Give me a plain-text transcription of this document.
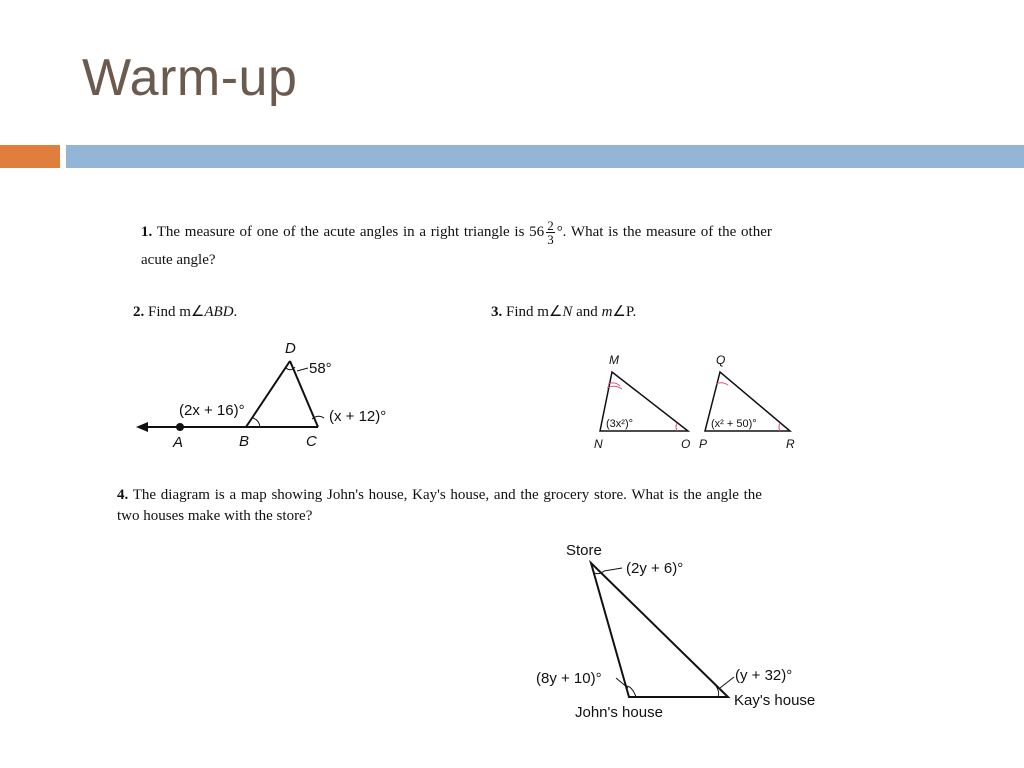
Warm-up
1. The measure of one of the acute angles in a right triangle is $56 \frac{2}{3}$ °. What is the measure of the other
acute angle?
2. Find m∠ABD.	3. Find m∠N and m∠P.
4. The diagram is a map showing John's house, Kay's house, and the grocery store. What is the angle the
two houses make with the store?
D
A	B	C
58°
(2x + 16)°	(x + 12)°
M
N	O
Q
P	R
(3x²)°	(x² + 50)°
Store
(2y + 6)°
(8y + 10)°	(y + 32)°
Kay's house
John's house
